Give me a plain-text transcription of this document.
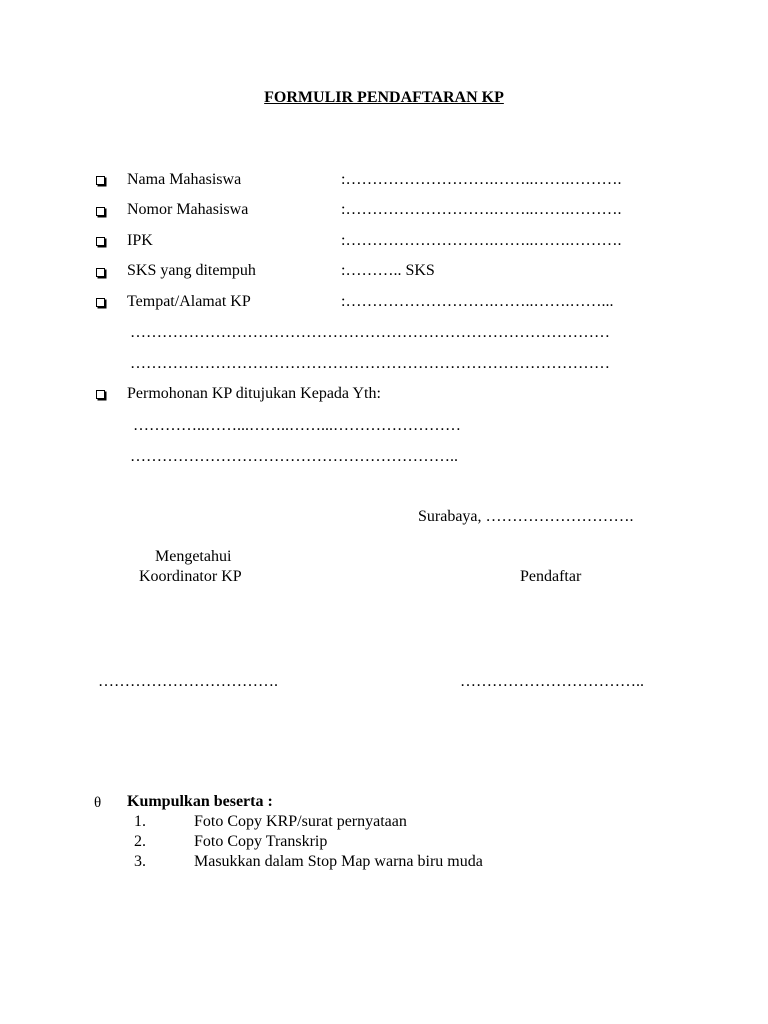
FORMULIR PENDAFTARAN KP
Nama Mahasiswa	:……………………….……..…….……….
Nomor Mahasiswa	:……………………….……..…….……….
IPK	:……………………….……..…….……….
SKS yang ditempuh	:……….. SKS
Tempat/Alamat KP	:……………………….……..…….……...
………………………………………………………………………………
………………………………………………………………………………
Permohonan KP ditujukan Kepada Yth:
…………..……...……..……...……………………
……………………………………………………..
Surabaya, ……………………….
Mengetahui
Koordinator KP	Pendaftar
…………………………….	……………………………..
θ Kumpulkan beserta :
1.	Foto Copy KRP/surat pernyataan
2.	Foto Copy Transkrip
3.	Masukkan dalam Stop Map warna biru muda
